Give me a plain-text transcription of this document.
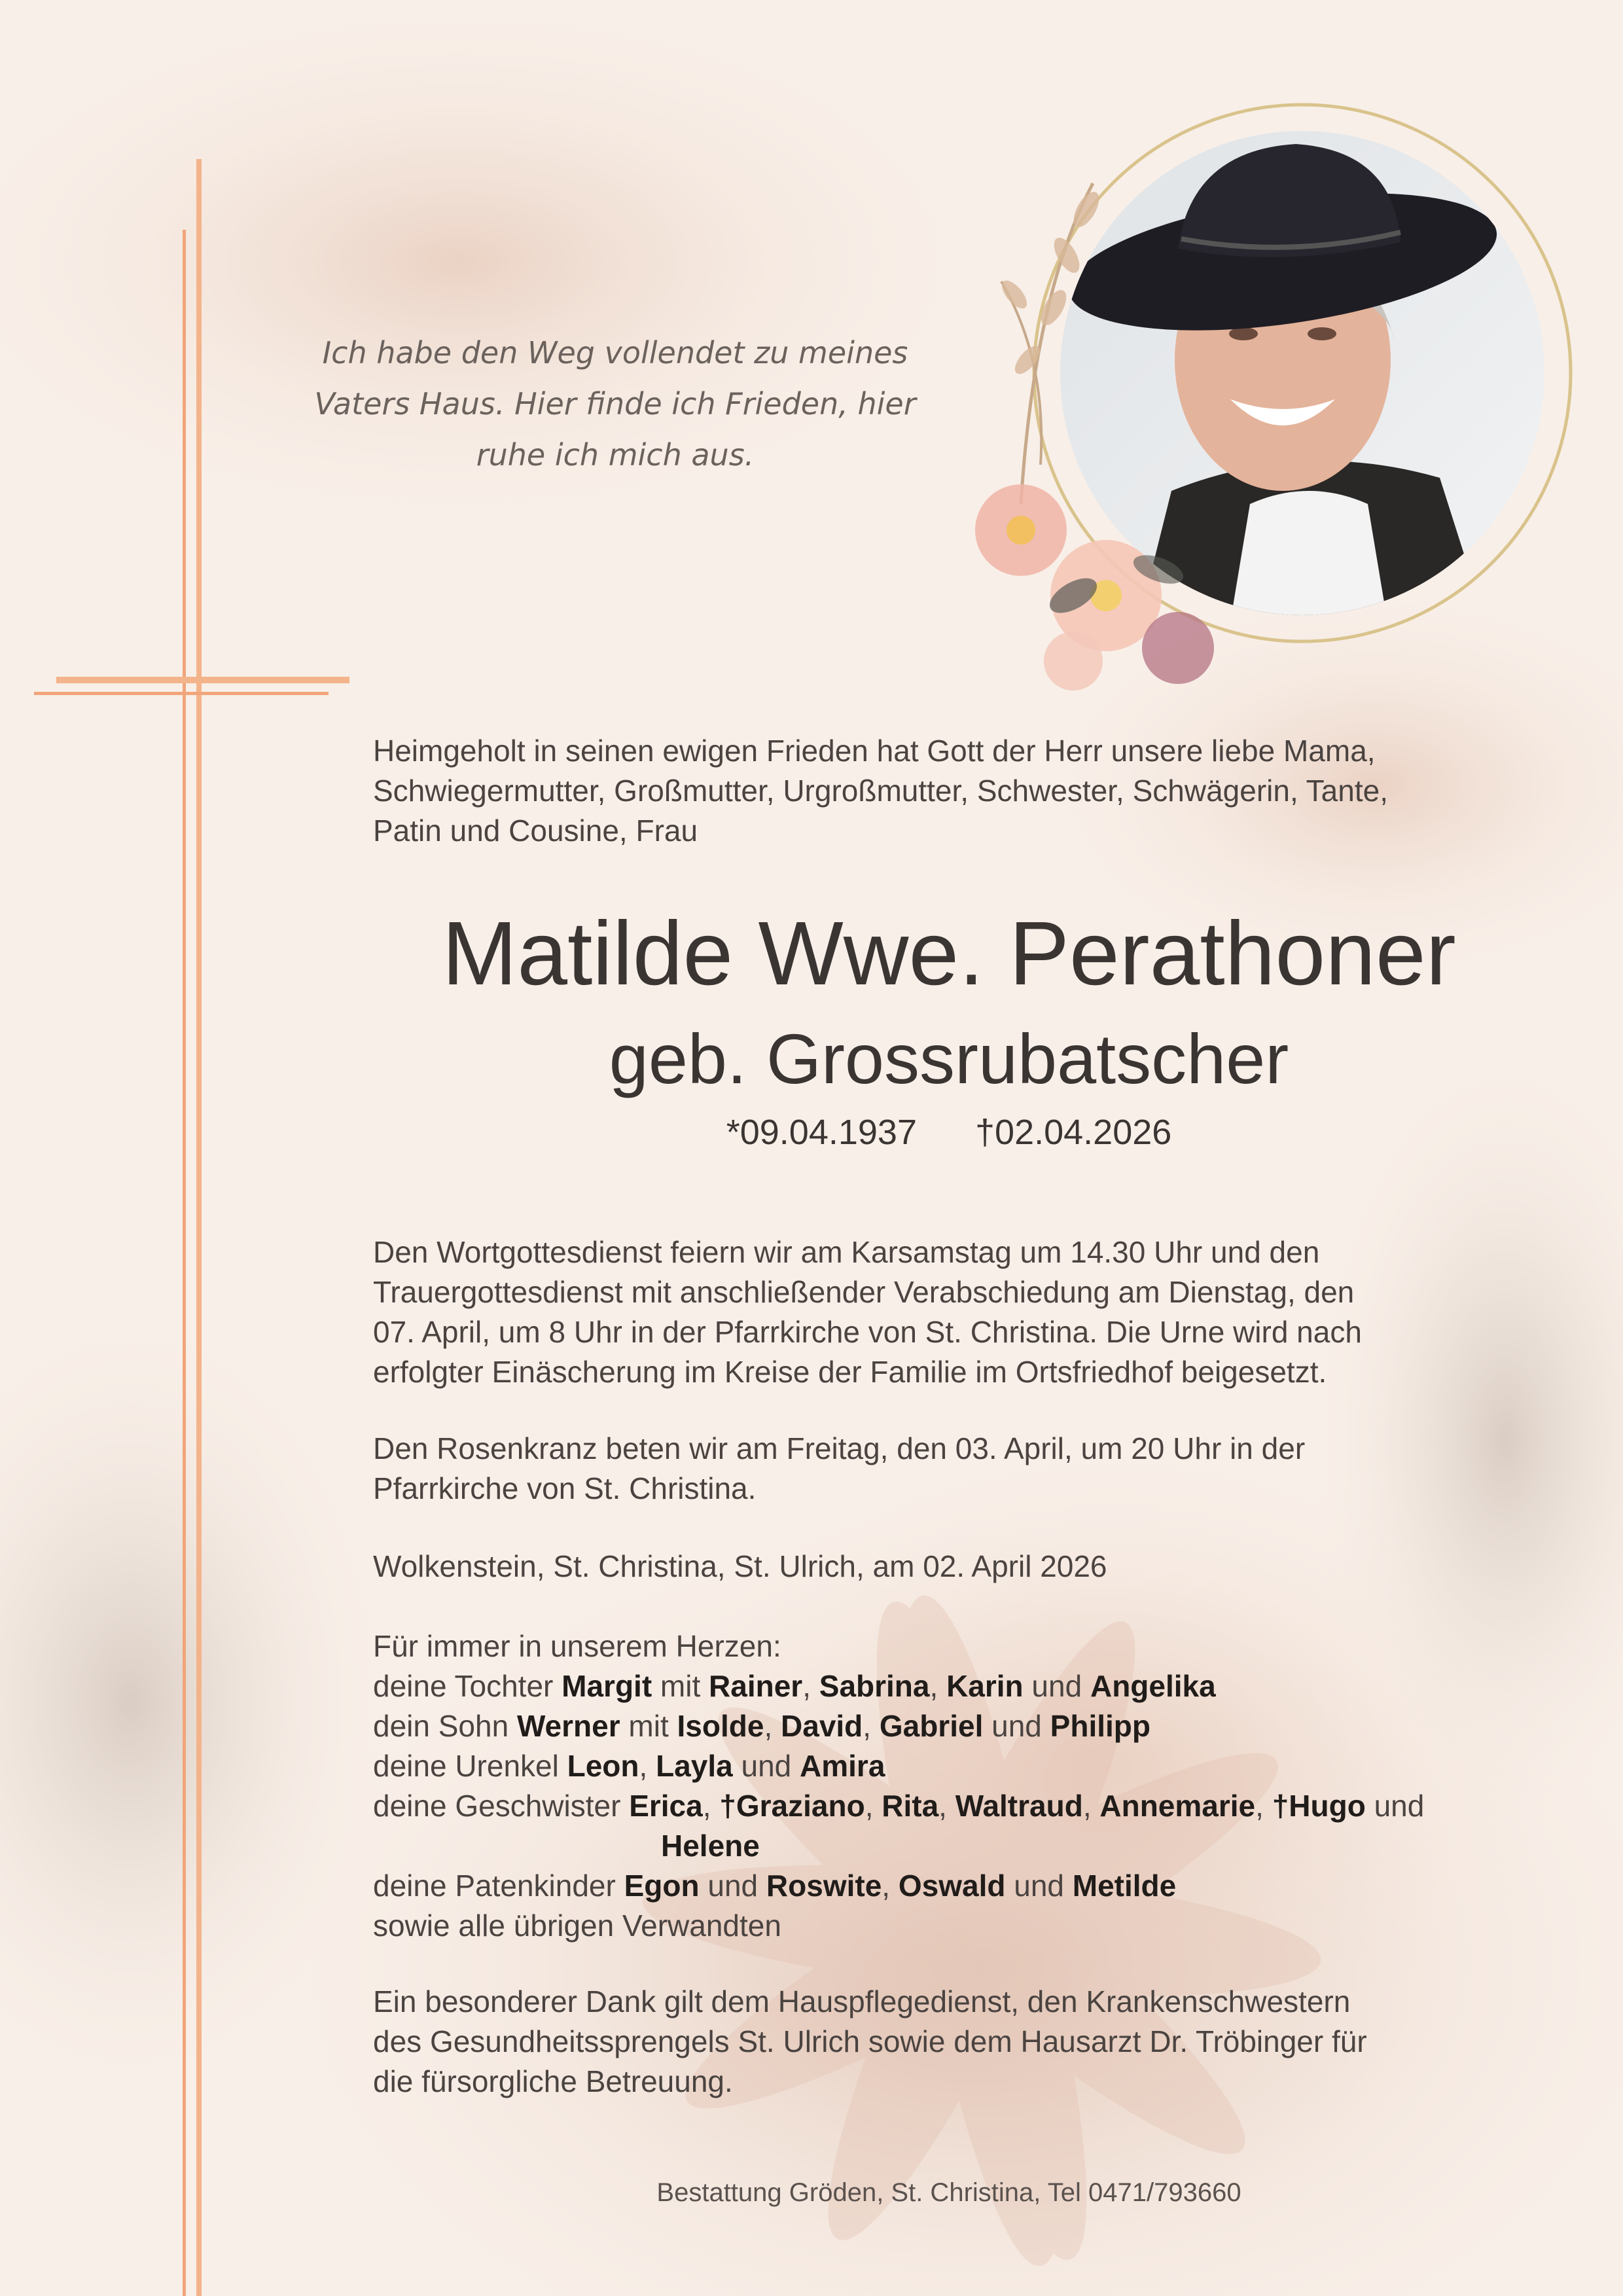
Ich habe den Weg vollendet zu meines
Vaters Haus. Hier finde ich Frieden, hier
ruhe ich mich aus.
Heimgeholt in seinen ewigen Frieden hat Gott der Herr unsere liebe Mama,
Schwiegermutter, Großmutter, Urgroßmutter, Schwester, Schwägerin, Tante,
Patin und Cousine, Frau
Matilde Wwe. Perathoner
geb. Grossrubatscher
*09.04.1937 †02.04.2026
Den Wortgottesdienst feiern wir am Karsamstag um 14.30 Uhr und den
Trauergottesdienst mit anschließender Verabschiedung am Dienstag, den
07. April, um 8 Uhr in der Pfarrkirche von St. Christina. Die Urne wird nach
erfolgter Einäscherung im Kreise der Familie im Ortsfriedhof beigesetzt.
Den Rosenkranz beten wir am Freitag, den 03. April, um 20 Uhr in der
Pfarrkirche von St. Christina.
Wolkenstein, St. Christina, St. Ulrich, am 02. April 2026
Für immer in unserem Herzen:
deine Tochter Margit mit Rainer, Sabrina, Karin und Angelika
dein Sohn Werner mit Isolde, David, Gabriel und Philipp
deine Urenkel Leon, Layla und Amira
deine Geschwister Erica, †Graziano, Rita, Waltraud, Annemarie, †Hugo und
Helene
deine Patenkinder Egon und Roswite, Oswald und Metilde
sowie alle übrigen Verwandten
Ein besonderer Dank gilt dem Hauspflegedienst, den Krankenschwestern
des Gesundheitssprengels St. Ulrich sowie dem Hausarzt Dr. Tröbinger für
die fürsorgliche Betreuung.
Bestattung Gröden, St. Christina, Tel 0471/793660
